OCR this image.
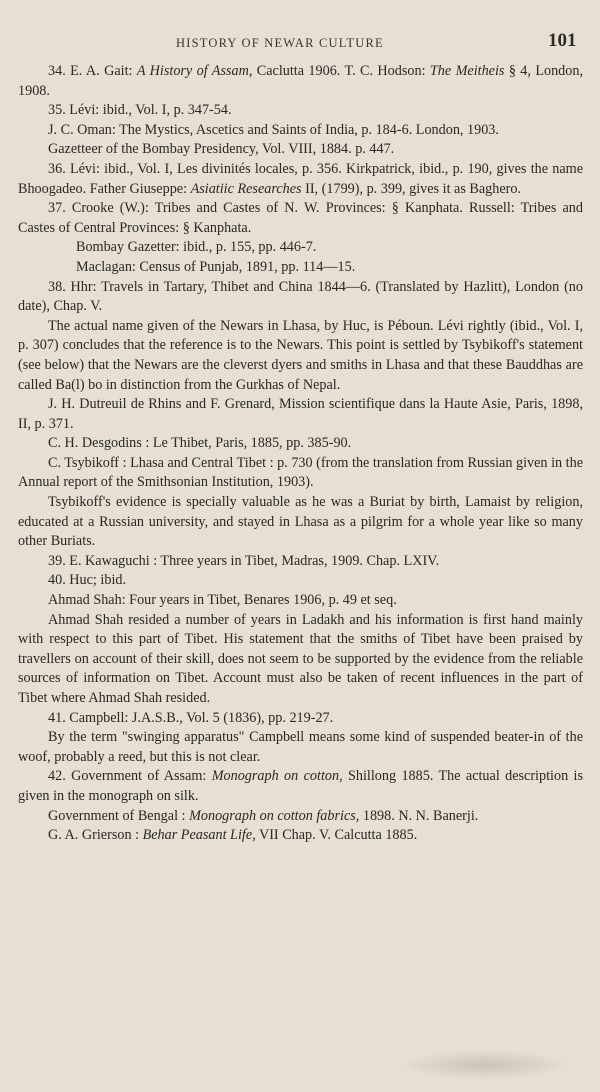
HISTORY OF NEWAR CULTURE	101

34. E. A. Gait: A History of Assam, Caclutta 1906. T. C. Hodson: The Meitheis § 4, London, 1908.

35. Lévi: ibid., Vol. I, p. 347-54.

J. C. Oman: The Mystics, Ascetics and Saints of India, p. 184-6. London, 1903.

Gazetteer of the Bombay Presidency, Vol. VIII, 1884. p. 447.

36. Lévi: ibid., Vol. I, Les divinités locales, p. 356. Kirkpatrick, ibid., p. 190, gives the name Bhoogadeo. Father Giuseppe: Asiatiic Researches II, (1799), p. 399, gives it as Baghero.

37. Crooke (W.): Tribes and Castes of N. W. Provinces: § Kanphata. Russell: Tribes and Castes of Central Provinces: § Kanphata.

Bombay Gazetter: ibid., p. 155, pp. 446-7.

Maclagan: Census of Punjab, 1891, pp. 114—15.

38. Hhr: Travels in Tartary, Thibet and China 1844—6. (Translated by Hazlitt), London (no date), Chap. V.

The actual name given of the Newars in Lhasa, by Huc, is Péboun. Lévi rightly (ibid., Vol. I, p. 307) concludes that the reference is to the Newars. This point is settled by Tsybikoff's statement (see below) that the Newars are the cleverst dyers and smiths in Lhasa and that these Bauddhas are called Ba(l) bo in distinction from the Gurkhas of Nepal.

J. H. Dutreuil de Rhins and F. Grenard, Mission scientifique dans la Haute Asie, Paris, 1898, II, p. 371.

C. H. Desgodins : Le Thibet, Paris, 1885, pp. 385-90.

C. Tsybikoff : Lhasa and Central Tibet : p. 730 (from the translation from Russian given in the Annual report of the Smithsonian Institution, 1903).

Tsybikoff's evidence is specially valuable as he was a Buriat by birth, Lamaist by religion, educated at a Russian university, and stayed in Lhasa as a pilgrim for a whole year like so many other Buriats.

39. E. Kawaguchi : Three years in Tibet, Madras, 1909. Chap. LXIV.

40. Huc; ibid.

Ahmad Shah: Four years in Tibet, Benares 1906, p. 49 et seq.

Ahmad Shah resided a number of years in Ladakh and his information is first hand mainly with respect to this part of Tibet. His statement that the smiths of Tibet have been praised by travellers on account of their skill, does not seem to be supported by the evidence from the reliable sources of information on Tibet. Account must also be taken of recent influences in the part of Tibet where Ahmad Shah resided.

41. Campbell: J.A.S.B., Vol. 5 (1836), pp. 219-27.

By the term "swinging apparatus" Campbell means some kind of suspended beater-in of the woof, probably a reed, but this is not clear.

42. Government of Assam: Monograph on cotton, Shillong 1885. The actual description is given in the monograph on silk.

Government of Bengal : Monograph on cotton fabrics, 1898. N. N. Banerji.

G. A. Grierson : Behar Peasant Life, VII Chap. V. Calcutta 1885.
